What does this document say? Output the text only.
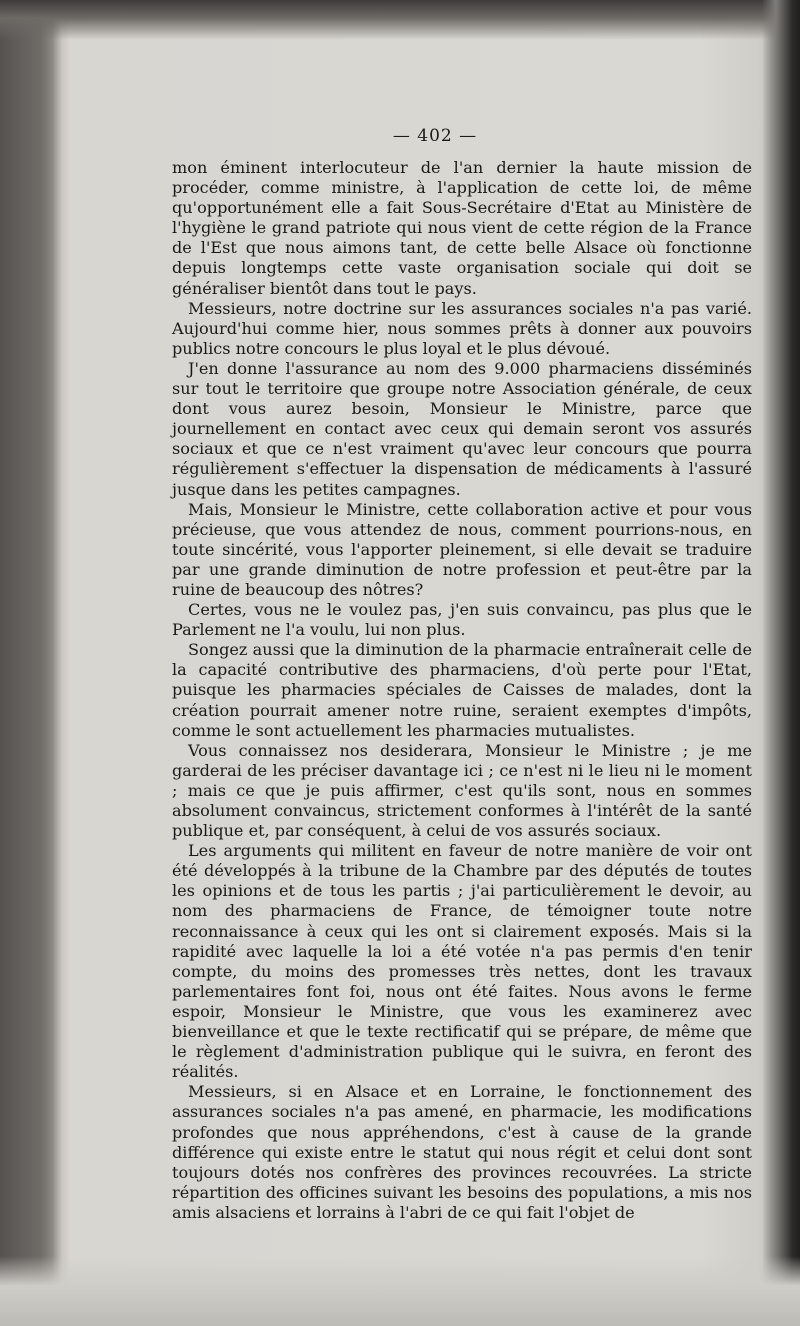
— 402 —

mon éminent interlocuteur de l'an dernier la haute mission de procéder, comme ministre, à l'application de cette loi, de même qu'opportunément elle a fait Sous-Secrétaire d'Etat au Ministère de l'hygiène le grand patriote qui nous vient de cette région de la France de l'Est que nous aimons tant, de cette belle Alsace où fonctionne depuis longtemps cette vaste organisation sociale qui doit se généraliser bientôt dans tout le pays.

Messieurs, notre doctrine sur les assurances sociales n'a pas varié. Aujourd'hui comme hier, nous sommes prêts à donner aux pouvoirs publics notre concours le plus loyal et le plus dévoué.

J'en donne l'assurance au nom des 9.000 pharmaciens disséminés sur tout le territoire que groupe notre Association générale, de ceux dont vous aurez besoin, Monsieur le Ministre, parce que journellement en contact avec ceux qui demain seront vos assurés sociaux et que ce n'est vraiment qu'avec leur concours que pourra régulièrement s'effectuer la dispensation de médicaments à l'assuré jusque dans les petites campagnes.

Mais, Monsieur le Ministre, cette collaboration active et pour vous précieuse, que vous attendez de nous, comment pourrions-nous, en toute sincérité, vous l'apporter pleinement, si elle devait se traduire par une grande diminution de notre profession et peut-être par la ruine de beaucoup des nôtres?

Certes, vous ne le voulez pas, j'en suis convaincu, pas plus que le Parlement ne l'a voulu, lui non plus.

Songez aussi que la diminution de la pharmacie entraînerait celle de la capacité contributive des pharmaciens, d'où perte pour l'Etat, puisque les pharmacies spéciales de Caisses de malades, dont la création pourrait amener notre ruine, seraient exemptes d'impôts, comme le sont actuellement les pharmacies mutualistes.

Vous connaissez nos desiderara, Monsieur le Ministre ; je me garderai de les préciser davantage ici ; ce n'est ni le lieu ni le moment ; mais ce que je puis affirmer, c'est qu'ils sont, nous en sommes absolument convaincus, strictement conformes à l'intérêt de la santé publique et, par conséquent, à celui de vos assurés sociaux.

Les arguments qui militent en faveur de notre manière de voir ont été développés à la tribune de la Chambre par des députés de toutes les opinions et de tous les partis ; j'ai particulièrement le devoir, au nom des pharmaciens de France, de témoigner toute notre reconnaissance à ceux qui les ont si clairement exposés. Mais si la rapidité avec laquelle la loi a été votée n'a pas permis d'en tenir compte, du moins des promesses très nettes, dont les travaux parlementaires font foi, nous ont été faites. Nous avons le ferme espoir, Monsieur le Ministre, que vous les examinerez avec bienveillance et que le texte rectificatif qui se prépare, de même que le règlement d'administration publique qui le suivra, en feront des réalités.

Messieurs, si en Alsace et en Lorraine, le fonctionnement des assurances sociales n'a pas amené, en pharmacie, les modifications profondes que nous appréhendons, c'est à cause de la grande différence qui existe entre le statut qui nous régit et celui dont sont toujours dotés nos confrères des provinces recouvrées. La stricte répartition des officines suivant les besoins des populations, a mis nos amis alsaciens et lorrains à l'abri de ce qui fait l'objet de
